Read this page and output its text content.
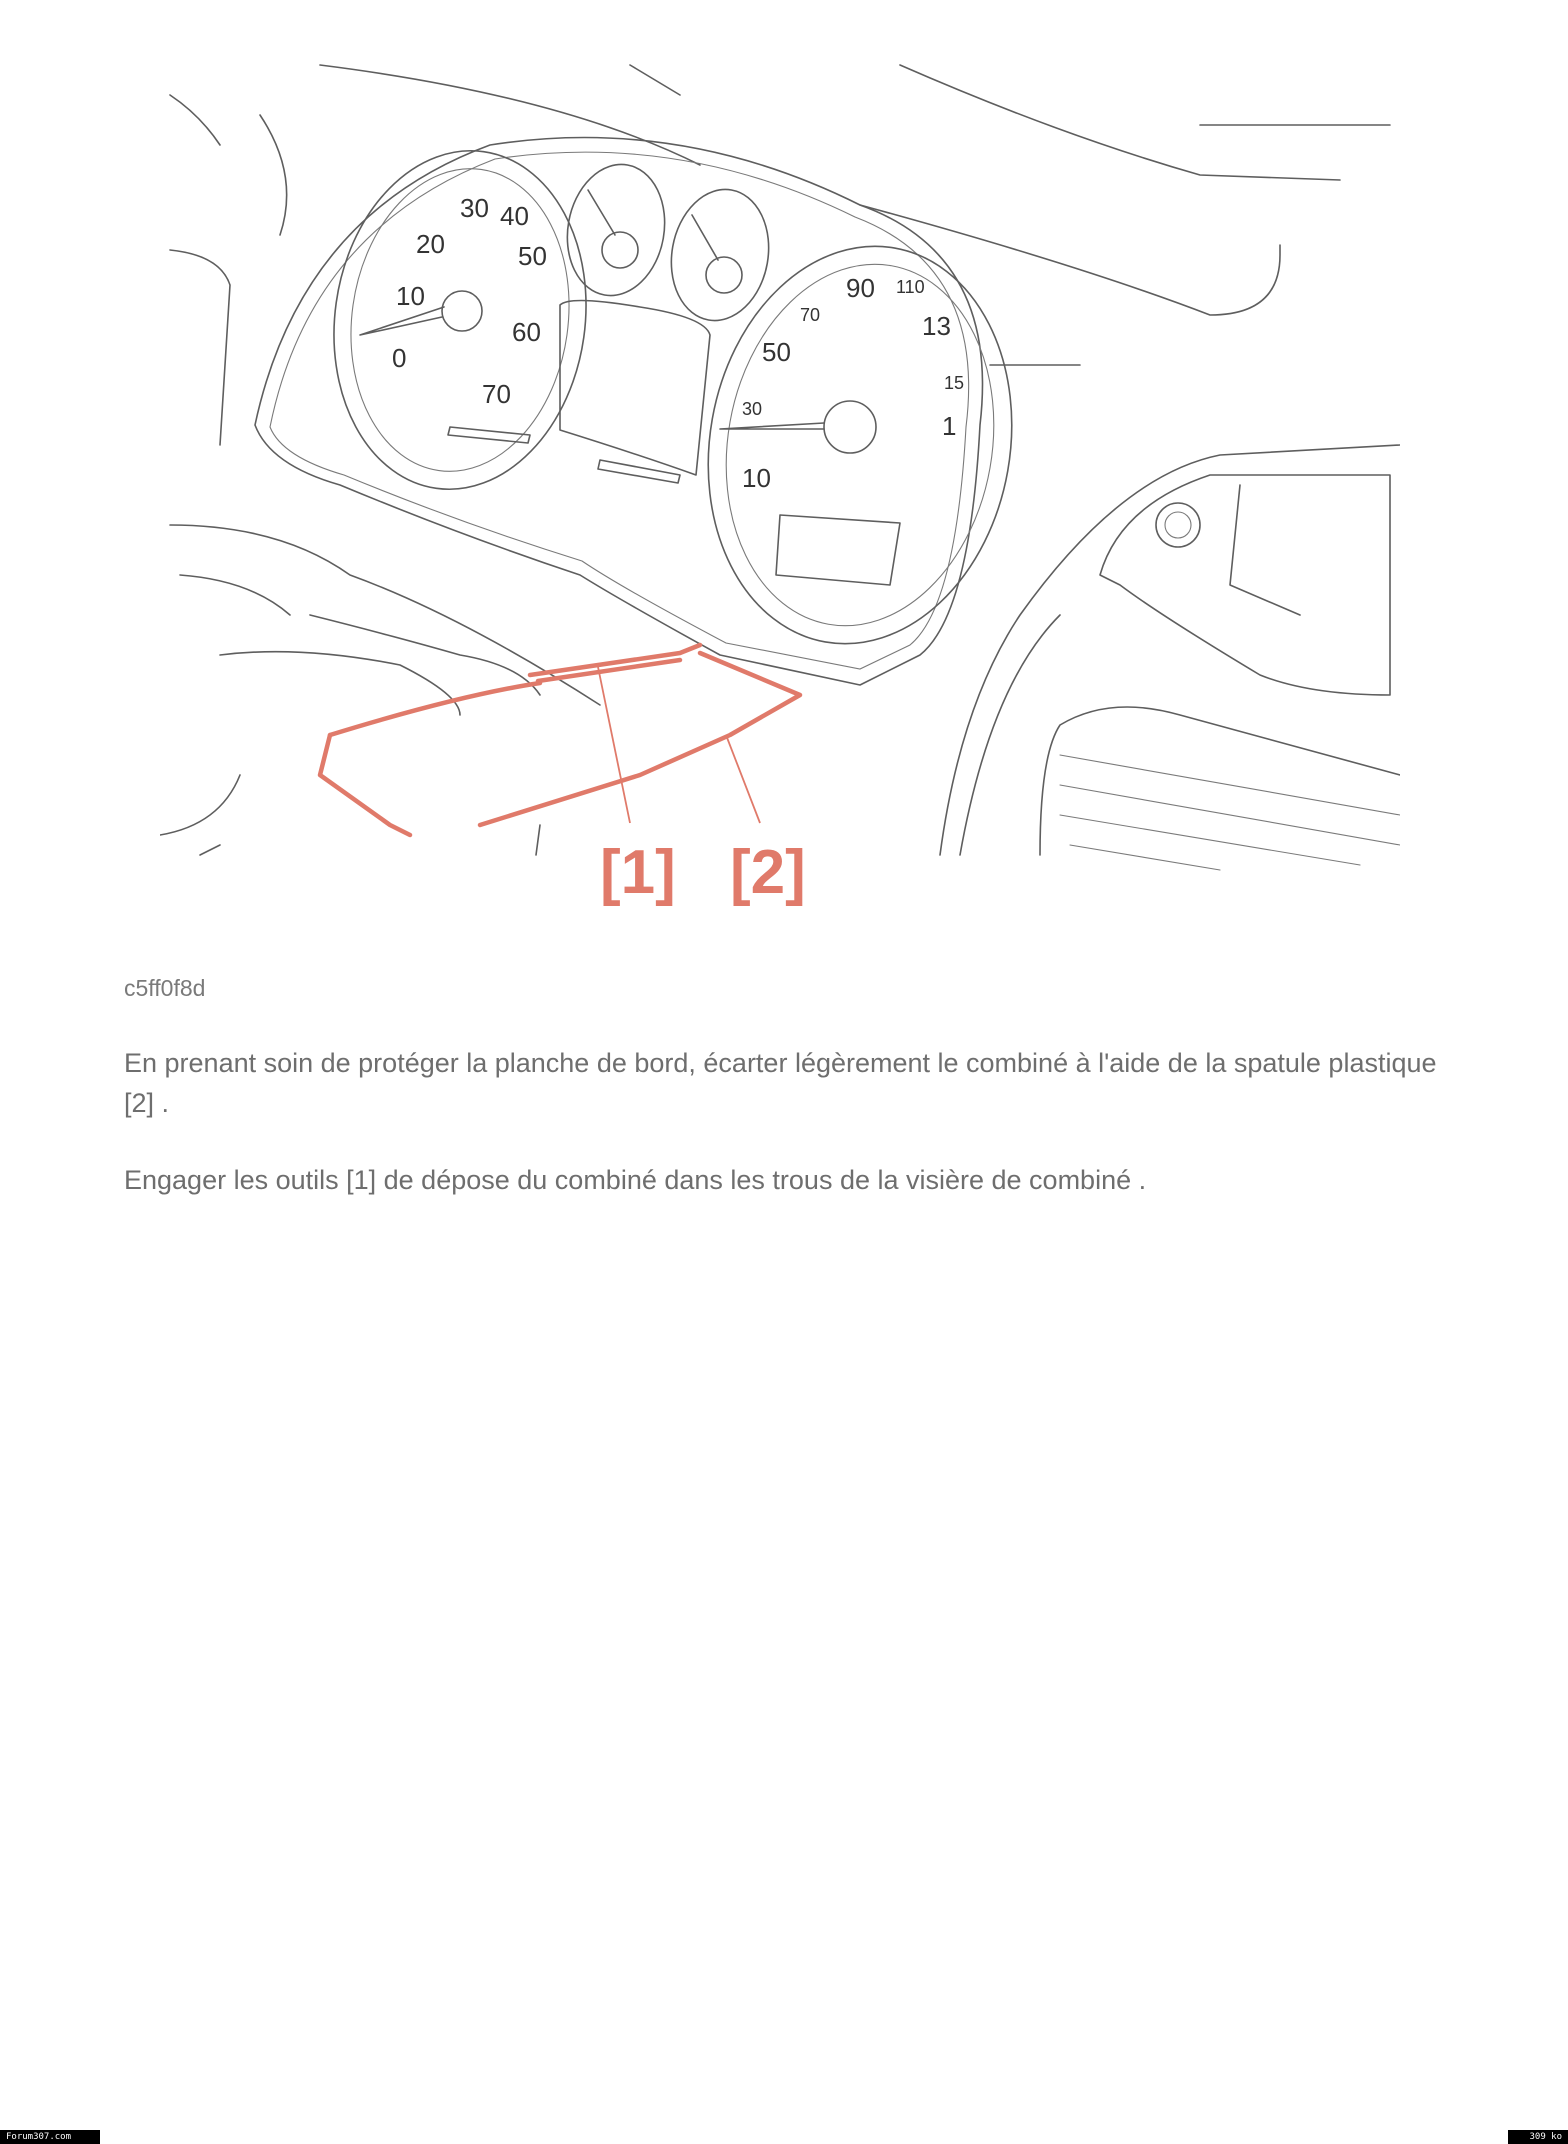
0
10
20
30 40
50
60
70
10
30
50
70
90 110
13
15
1
[1] [2]
c5ff0f8d

En prenant soin de protéger la planche de bord, écarter légèrement le combiné à l'aide de la spatule plastique [2] .

Engager les outils [1] de dépose du combiné dans les trous de la visière de combiné .

Forum307.com	309 ko
